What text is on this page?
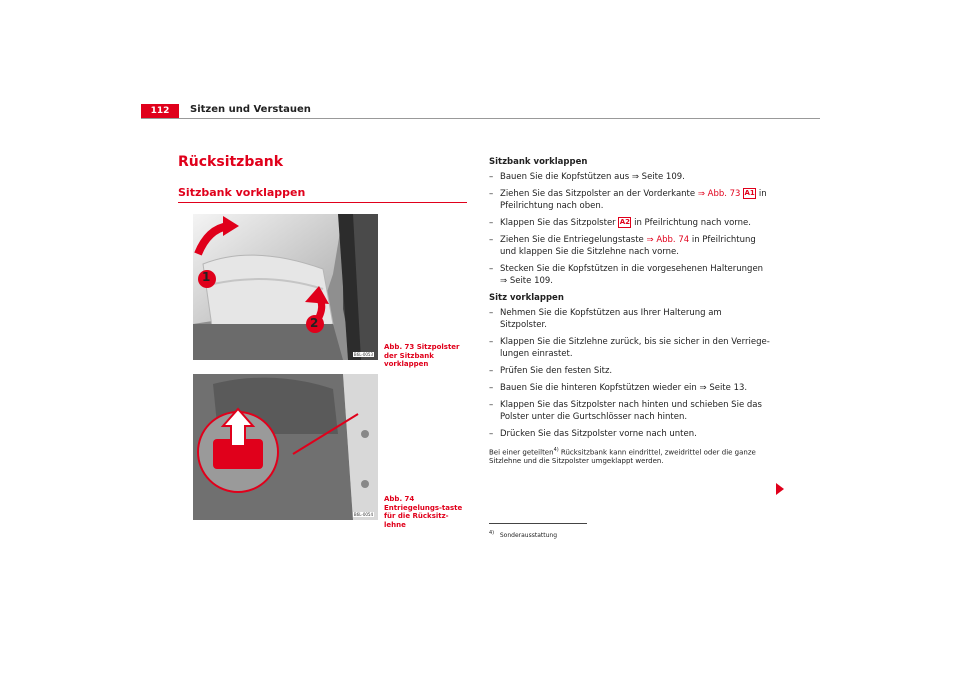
112	Sitzen und Verstauen
Rücksitzbank
Sitzbank vorklappen
1
2
B6L-0053
Abb. 73 Sitzpolster der Sitzbank vorklappen
B6L-0054
Abb. 74 Entriegelungs-taste für die Rücksitz-lehne
Sitzbank vorklappen
– Bauen Sie die Kopfstützen aus ⇒ Seite 109.
– Ziehen Sie das Sitzpolster an der Vorderkante ⇒ Abb. 73 A1 in Pfeilrichtung nach oben.
– Klappen Sie das Sitzpolster A2 in Pfeilrichtung nach vorne.
– Ziehen Sie die Entriegelungstaste ⇒ Abb. 74 in Pfeilrichtung und klappen Sie die Sitzlehne nach vorne.
– Stecken Sie die Kopfstützen in die vorgesehenen Halterungen ⇒ Seite 109.
Sitz vorklappen
– Nehmen Sie die Kopfstützen aus Ihrer Halterung am Sitzpolster.
– Klappen Sie die Sitzlehne zurück, bis sie sicher in den Verriege-lungen einrastet.
– Prüfen Sie den festen Sitz.
– Bauen Sie die hinteren Kopfstützen wieder ein ⇒ Seite 13.
– Klappen Sie das Sitzpolster nach hinten und schieben Sie das Polster unter die Gurtschlösser nach hinten.
– Drücken Sie das Sitzpolster vorne nach unten.
Bei einer geteilten$^{4)}$ Rücksitzbank kann eindrittel, zweidrittel oder die ganze Sitzlehne und die Sitzpolster umgeklappt werden.
$^{4)}$ Sonderausstattung
